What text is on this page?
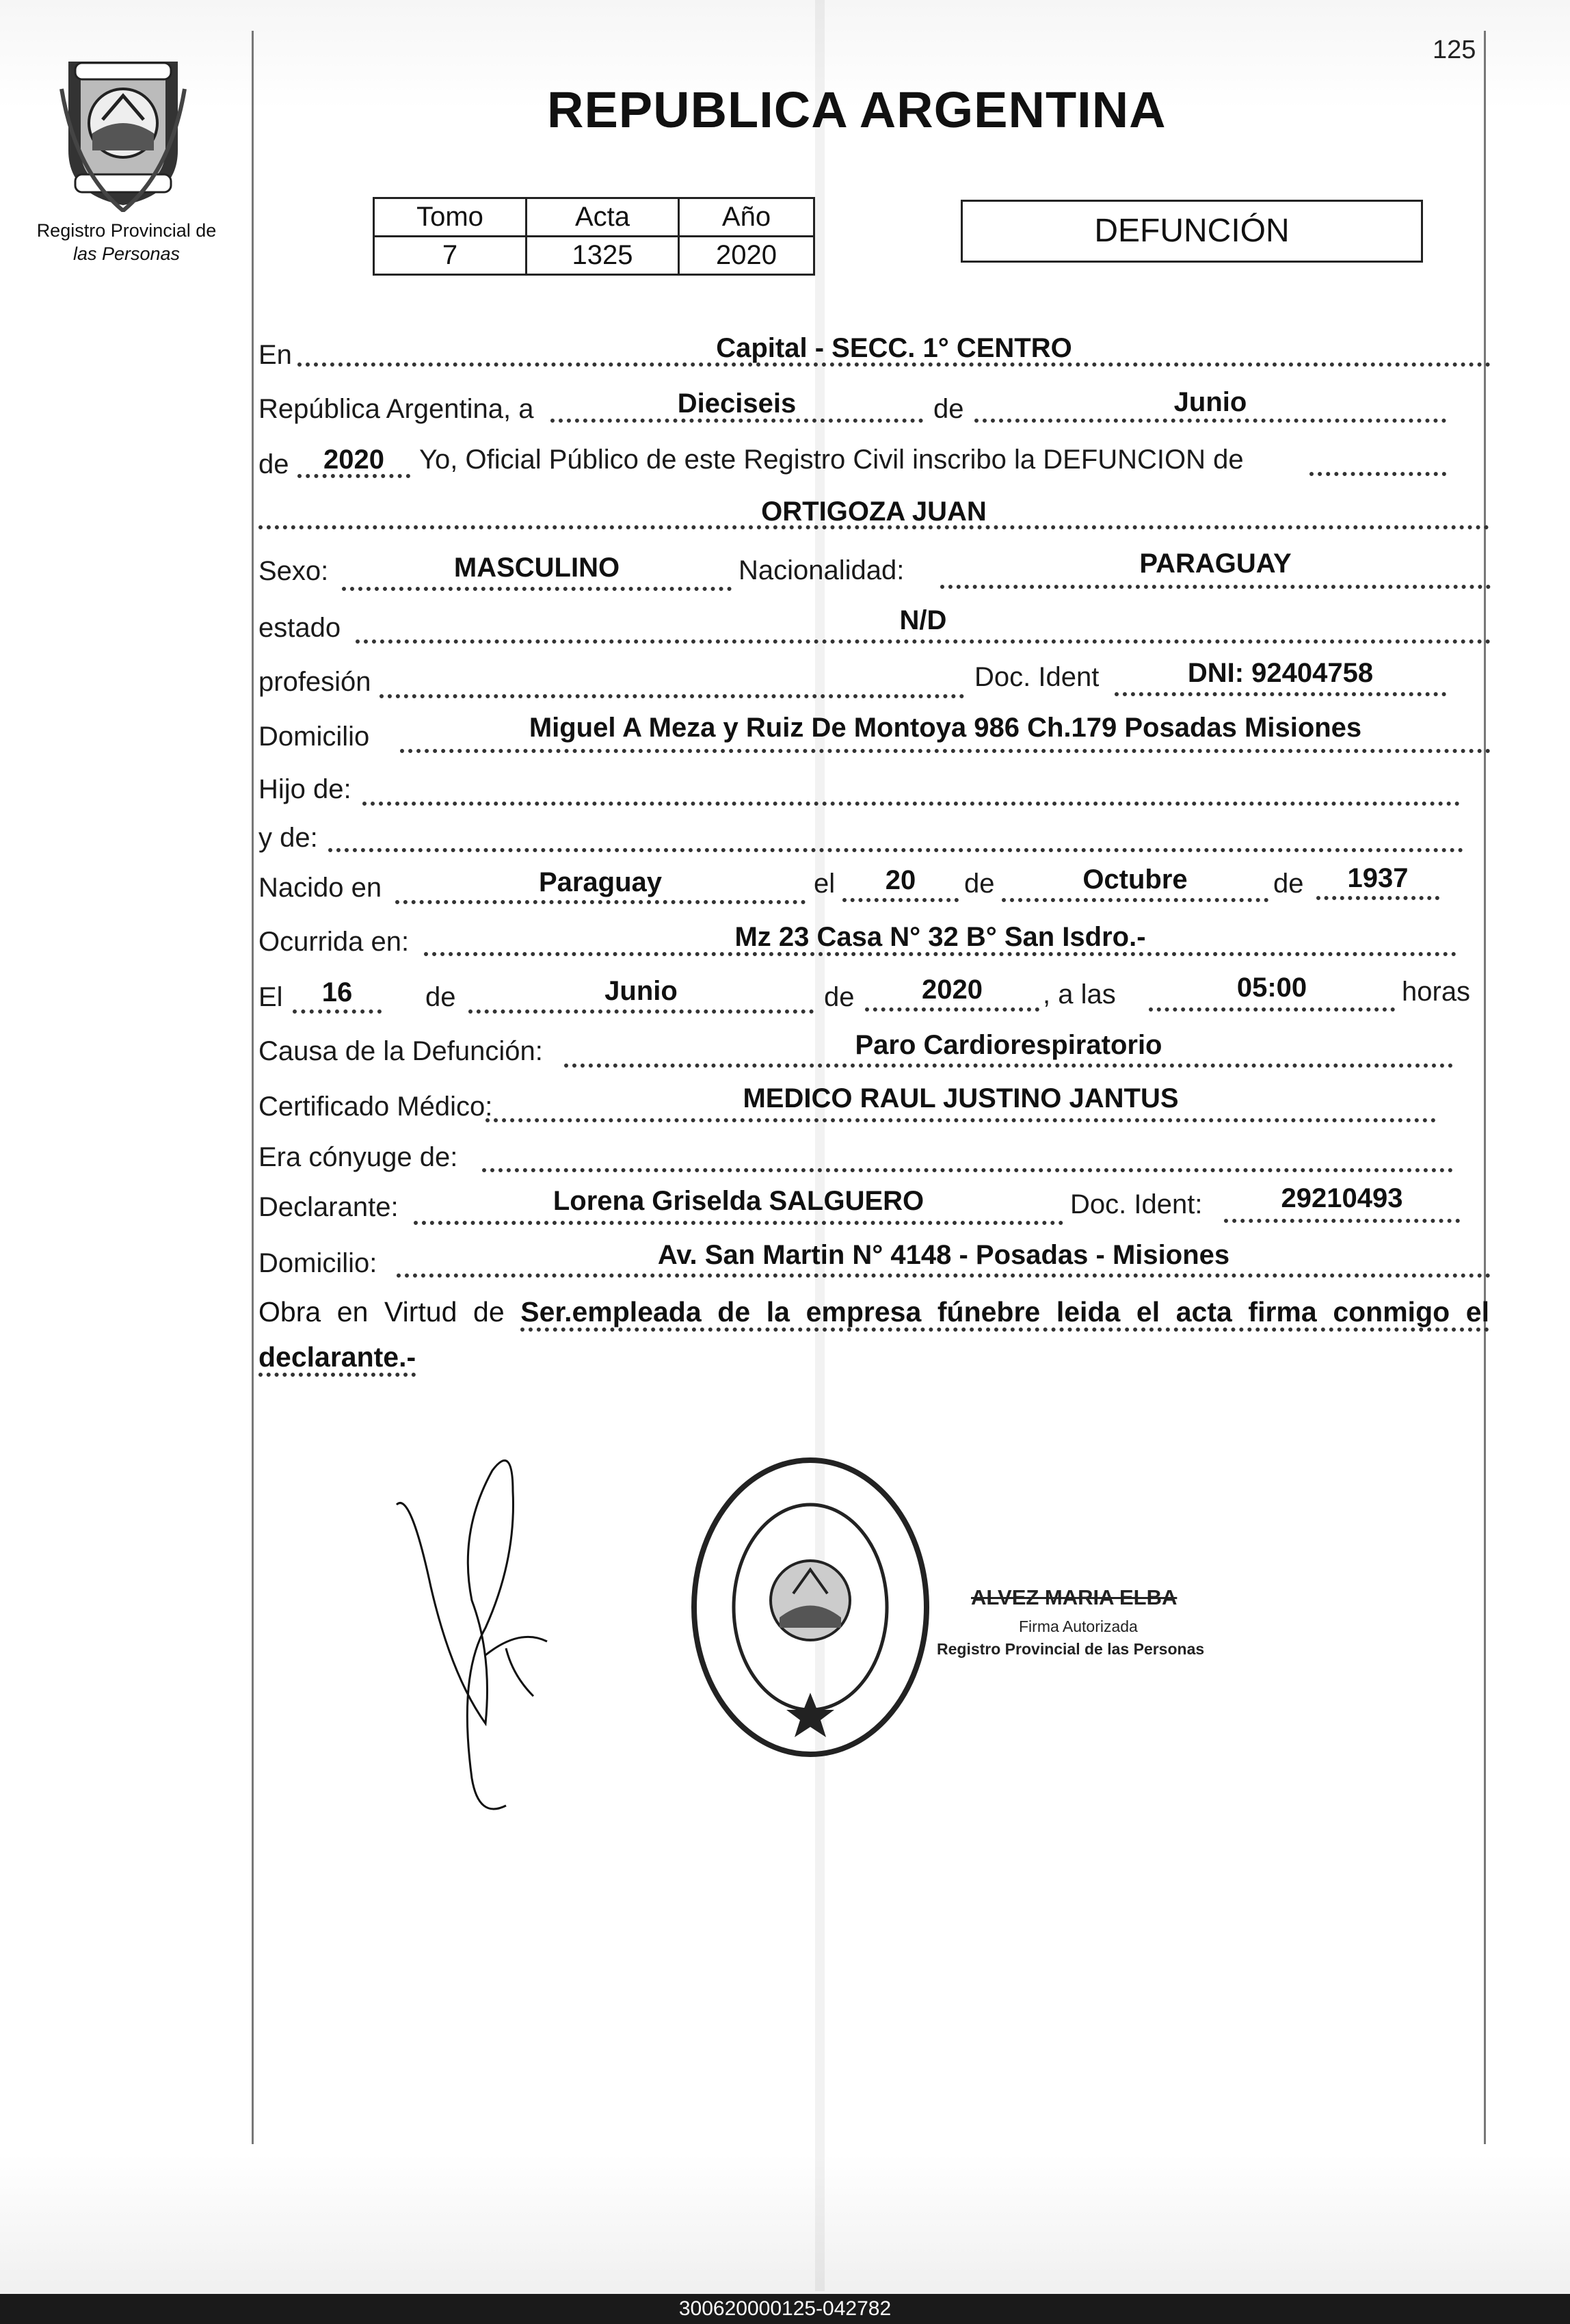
125
REPUBLICA ARGENTINA
Registro Provincial de
las Personas
Tomo	Acta	Año
7	1325	2020
DEFUNCIÓN
En	Capital - SECC. 1° CENTRO
República Argentina, a	Dieciseis	de	Junio
de	2020	Yo, Oficial Público de este Registro Civil inscribo la DEFUNCION de
ORTIGOZA JUAN
Sexo:	MASCULINO	Nacionalidad:	PARAGUAY
estado	N/D
profesión	Doc. Ident	DNI: 92404758
Domicilio	Miguel A Meza y Ruiz De Montoya 986 Ch.179 Posadas Misiones
Hijo de:
y de:
Nacido en	Paraguay	el	20	de	Octubre	de	1937
Ocurrida en:	Mz 23 Casa N° 32 B° San Isdro.-
El	16	de	Junio	de	2020	, a las	05:00	horas
Causa de la Defunción:	Paro Cardiorespiratorio
Certificado Médico:	MEDICO RAUL JUSTINO JANTUS
Era cónyuge de:
Declarante:	Lorena Griselda SALGUERO	Doc. Ident:	29210493
Domicilio:	Av. San Martin N° 4148 - Posadas - Misiones
Obra en Virtud de Ser.empleada de la empresa fúnebre leida el acta firma conmigo el declarante.-
ALVEZ MARIA ELBA
Firma Autorizada
Registro Provincial de las Personas
300620000125-042782
